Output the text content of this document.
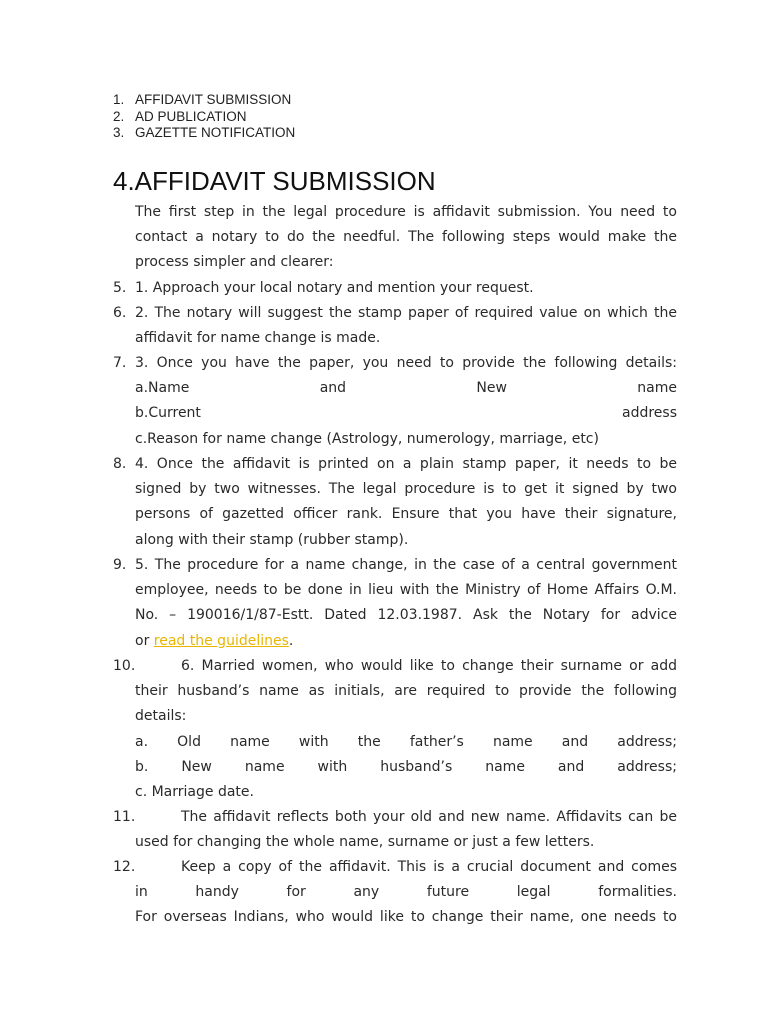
1. AFFIDAVIT SUBMISSION
2. AD PUBLICATION
3. GAZETTE NOTIFICATION
4.AFFIDAVIT SUBMISSION
The first step in the legal procedure is affidavit submission. You need to
contact a notary to do the needful. The following steps would make the
process simpler and clearer:
5. 1. Approach your local notary and mention your request.
6. 2. The notary will suggest the stamp paper of required value on which the
affidavit for name change is made.
7. 3. Once you have the paper, you need to provide the following details:
a.Name	and	New	name
b.Current	address
c.Reason for name change (Astrology, numerology, marriage, etc)
8. 4. Once the affidavit is printed on a plain stamp paper, it needs to be
signed by two witnesses. The legal procedure is to get it signed by two
persons of gazetted officer rank. Ensure that you have their signature,
along with their stamp (rubber stamp).
9. 5. The procedure for a name change, in the case of a central government
employee, needs to be done in lieu with the Ministry of Home Affairs O.M.
No. – 190016/1/87-Estt. Dated 12.03.1987. Ask the Notary for advice
or read the guidelines.
10.	6. Married women, who would like to change their surname or add
their husband’s name as initials, are required to provide the following
details:
a. Old name with the father’s name and address;
b. New name with husband’s name and address;
c. Marriage date.
11.	The affidavit reflects both your old and new name. Affidavits can be
used for changing the whole name, surname or just a few letters.
12.	Keep a copy of the affidavit. This is a crucial document and comes
in	handy	for	any	future	legal	formalities.
For overseas Indians, who would like to change their name, one needs to
